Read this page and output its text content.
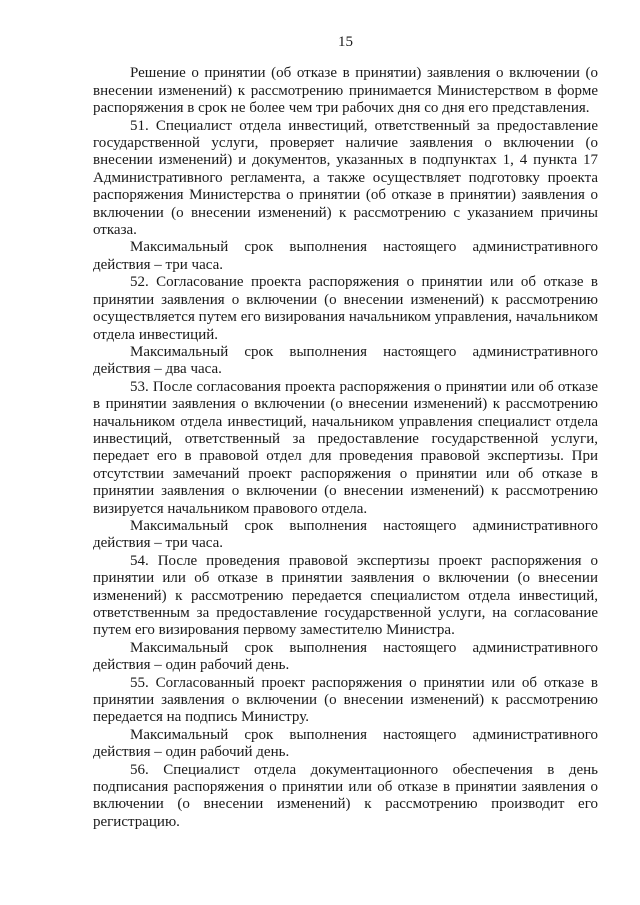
15

Решение о принятии (об отказе в принятии) заявления о включении (о внесении изменений) к рассмотрению принимается Министерством в форме распоряжения в срок не более чем три рабочих дня со дня его представления.

51. Специалист отдела инвестиций, ответственный за предоставление государственной услуги, проверяет наличие заявления о включении (о внесении изменений) и документов, указанных в подпунктах 1, 4 пункта 17 Административного регламента, а также осуществляет подготовку проекта распоряжения Министерства о принятии (об отказе в принятии) заявления о включении (о внесении изменений) к рассмотрению с указанием причины отказа.

Максимальный срок выполнения настоящего административного действия – три часа.

52. Согласование проекта распоряжения о принятии или об отказе в принятии заявления о включении (о внесении изменений) к рассмотрению осуществляется путем его визирования начальником управления, начальником отдела инвестиций.

Максимальный срок выполнения настоящего административного действия – два часа.

53. После согласования проекта распоряжения о принятии или об отказе в принятии заявления о включении (о внесении изменений) к рассмотрению начальником отдела инвестиций, начальником управления специалист отдела инвестиций, ответственный за предоставление государственной услуги, передает его в правовой отдел для проведения правовой экспертизы. При отсутствии замечаний проект распоряжения о принятии или об отказе в принятии заявления о включении (о внесении изменений) к рассмотрению визируется начальником правового отдела.

Максимальный срок выполнения настоящего административного действия – три часа.

54. После проведения правовой экспертизы проект распоряжения о принятии или об отказе в принятии заявления о включении (о внесении изменений) к рассмотрению передается специалистом отдела инвестиций, ответственным за предоставление государственной услуги, на согласование путем его визирования первому заместителю Министра.

Максимальный срок выполнения настоящего административного действия – один рабочий день.

55. Согласованный проект распоряжения о принятии или об отказе в принятии заявления о включении (о внесении изменений) к рассмотрению передается на подпись Министру.

Максимальный срок выполнения настоящего административного действия – один рабочий день.

56. Специалист отдела документационного обеспечения в день подписания распоряжения о принятии или об отказе в принятии заявления о включении (о внесении изменений) к рассмотрению производит его регистрацию.
